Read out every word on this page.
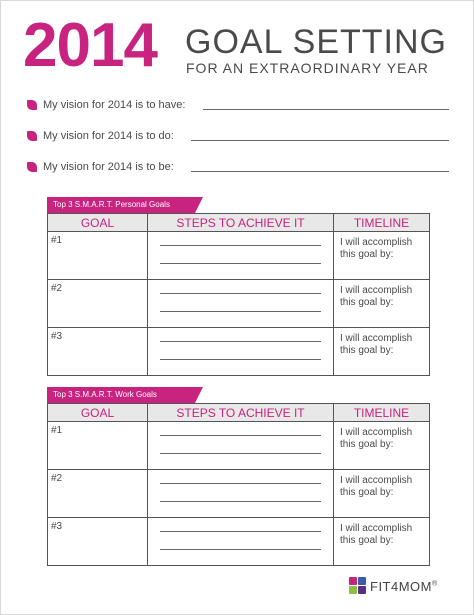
2014 GOAL SETTING
FOR AN EXTRAORDINARY YEAR
My vision for 2014 is to have:
My vision for 2014 is to do:
My vision for 2014 is to be:
Top 3 S.M.A.R.T. Personal Goals
GOAL	STEPS TO ACHIEVE IT	TIMELINE
#1		I will accomplish this goal by:
#2		I will accomplish this goal by:
#3		I will accomplish this goal by:
Top 3 S.M.A.R.T. Work Goals
GOAL	STEPS TO ACHIEVE IT	TIMELINE
#1		I will accomplish this goal by:
#2		I will accomplish this goal by:
#3		I will accomplish this goal by:
FIT4MOM®
